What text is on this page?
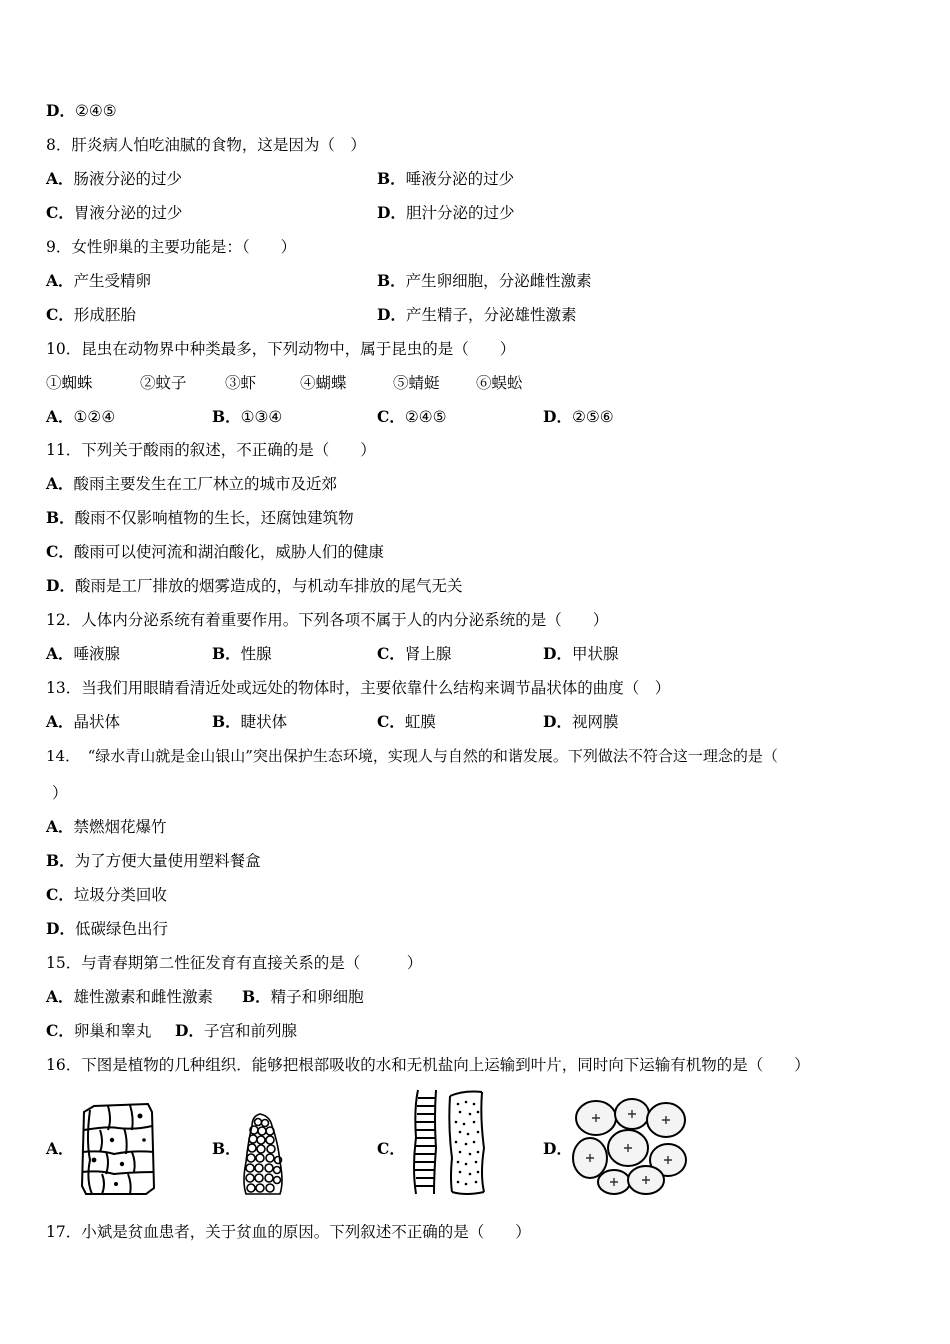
D．②④⑤
8．肝炎病人怕吃油腻的食物，这是因为（　）
A．肠液分泌的过少	B．唾液分泌的过少
C．胃液分泌的过少	D．胆汁分泌的过少
9．女性卵巢的主要功能是：（　　）
A．产生受精卵	B．产生卵细胞，分泌雌性激素
C．形成胚胎	D．产生精子，分泌雄性激素
10．昆虫在动物界中种类最多，下列动物中，属于昆虫的是（　　）
①蜘蛛	②蚊子 ③虾	④蝴蝶	⑤蜻蜓 ⑥蜈蚣
A．①②④	B．①③④	C．②④⑤	D．②⑤⑥
11．下列关于酸雨的叙述，不正确的是（　　）
A．酸雨主要发生在工厂林立的城市及近郊
B．酸雨不仅影响植物的生长，还腐蚀建筑物
C．酸雨可以使河流和湖泊酸化，威胁人们的健康
D．酸雨是工厂排放的烟雾造成的，与机动车排放的尾气无关
12．人体内分泌系统有着重要作用。下列各项不属于人的内分泌系统的是（　　）
A．唾液腺	B．性腺	C．肾上腺	D．甲状腺
13．当我们用眼睛看清近处或远处的物体时，主要依靠什么结构来调节晶状体的曲度（　）
A．晶状体	B．睫状体	C．虹膜	D．视网膜
14．　“绿水青山就是金山银山”突出保护生态环境，实现人与自然的和谐发展。下列做法不符合这一理念的是（
）
A．禁燃烟花爆竹
B．为了方便大量使用塑料餐盒
C．垃圾分类回收
D．低碳绿色出行
15．与青春期第二性征发育有直接关系的是（　　　）
A．雄性激素和雌性激素 B．精子和卵细胞
C．卵巢和睾丸 D．子宫和前列腺
16．下图是植物的几种组织．能够把根部吸收的水和无机盐向上运输到叶片，同时向下运输有机物的是（　　）
A．	B．	C．	D．
17．小斌是贫血患者，关于贫血的原因。下列叙述不正确的是（　　）
